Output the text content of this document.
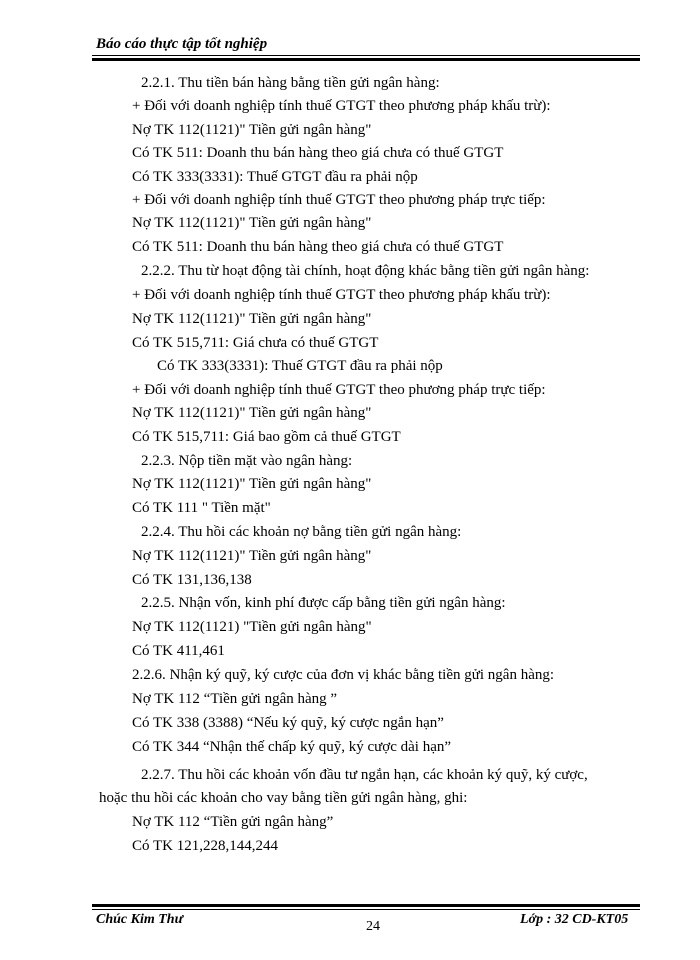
Báo cáo thực tập tốt nghiệp
2.2.1. Thu tiền bán hàng bằng tiền gửi ngân hàng:
+ Đối với doanh nghiệp tính thuế GTGT theo phương pháp khấu trừ):
Nợ TK 112(1121)" Tiền gửi ngân hàng"
Có TK 511: Doanh thu bán hàng theo giá chưa có thuế GTGT
Có TK 333(3331): Thuế GTGT đầu ra phải nộp
+ Đối với doanh nghiệp tính thuế GTGT theo phương pháp trực tiếp:
Nợ TK 112(1121)" Tiền gửi ngân hàng"
Có TK 511: Doanh thu bán hàng theo giá chưa có thuế GTGT
2.2.2. Thu từ hoạt động tài chính, hoạt động khác bằng tiền gửi ngân hàng:
+ Đối với doanh nghiệp tính thuế GTGT theo phương pháp khấu trừ):
Nợ TK 112(1121)" Tiền gửi ngân hàng"
Có TK 515,711: Giá chưa có thuế GTGT
Có TK 333(3331): Thuế GTGT đầu ra phải nộp
+ Đối với doanh nghiệp tính thuế GTGT theo phương pháp trực tiếp:
Nợ TK 112(1121)" Tiền gửi ngân hàng"
Có TK 515,711: Giá bao gồm cả thuế GTGT
2.2.3. Nộp tiền mặt vào ngân hàng:
Nợ TK 112(1121)" Tiền gửi ngân hàng"
Có TK 111 " Tiền mặt"
2.2.4. Thu hồi các khoản nợ bằng tiền gửi ngân hàng:
Nợ TK 112(1121)" Tiền gửi ngân hàng"
Có TK 131,136,138
2.2.5. Nhận vốn, kinh phí được cấp bằng tiền gửi ngân hàng:
Nợ TK 112(1121) "Tiền gửi ngân hàng"
Có TK 411,461
2.2.6. Nhận ký quỹ, ký cược của đơn vị khác bằng tiền gửi ngân hàng:
Nợ TK 112 “Tiền gửi ngân hàng ”
Có TK 338 (3388) “Nếu ký quỹ, ký cược ngắn hạn”
Có TK 344 “Nhận thế chấp ký quỹ, ký cược dài hạn”
2.2.7. Thu hồi các khoản vốn đầu tư ngắn hạn, các khoản ký quỹ, ký cược,
hoặc thu hồi các khoản cho vay bằng tiền gửi ngân hàng, ghi:
Nợ TK 112 “Tiền gửi ngân hàng”
Có TK 121,228,144,244
Chúc Kim Thư	24	Lớp : 32 CD-KT05
